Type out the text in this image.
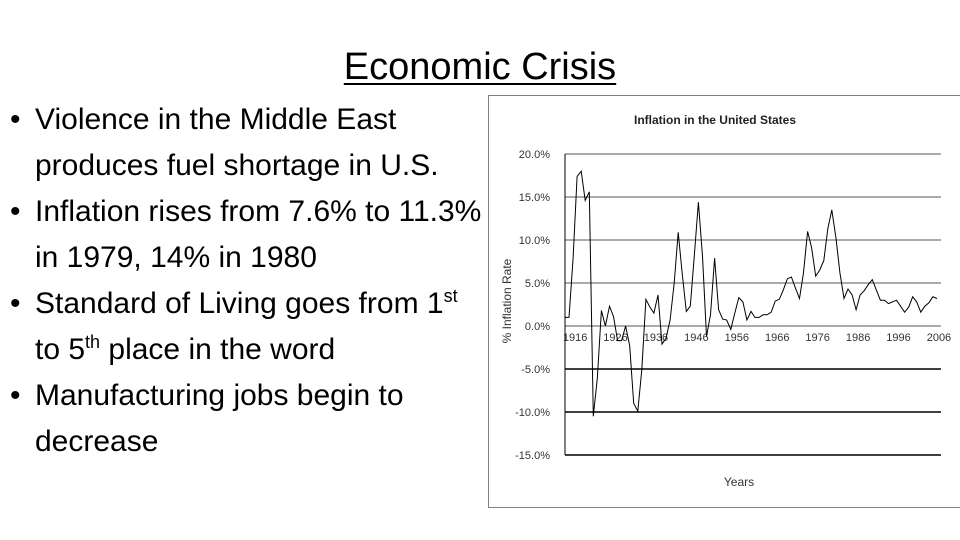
Economic Crisis
• Violence in the Middle East produces fuel shortage in U.S.
• Inflation rises from 7.6% to 11.3% in 1979, 14% in 1980
• Standard of Living goes from 1st to 5th place in the word
• Manufacturing jobs begin to decrease
Inflation in the United States
20.0%
15.0%
10.0%
5.0%
0.0%
-5.0%
-10.0%
-15.0%
1916 1926 1936 1946 1956 1966 1976 1986 1996 2006
Years
% Inflation Rate
